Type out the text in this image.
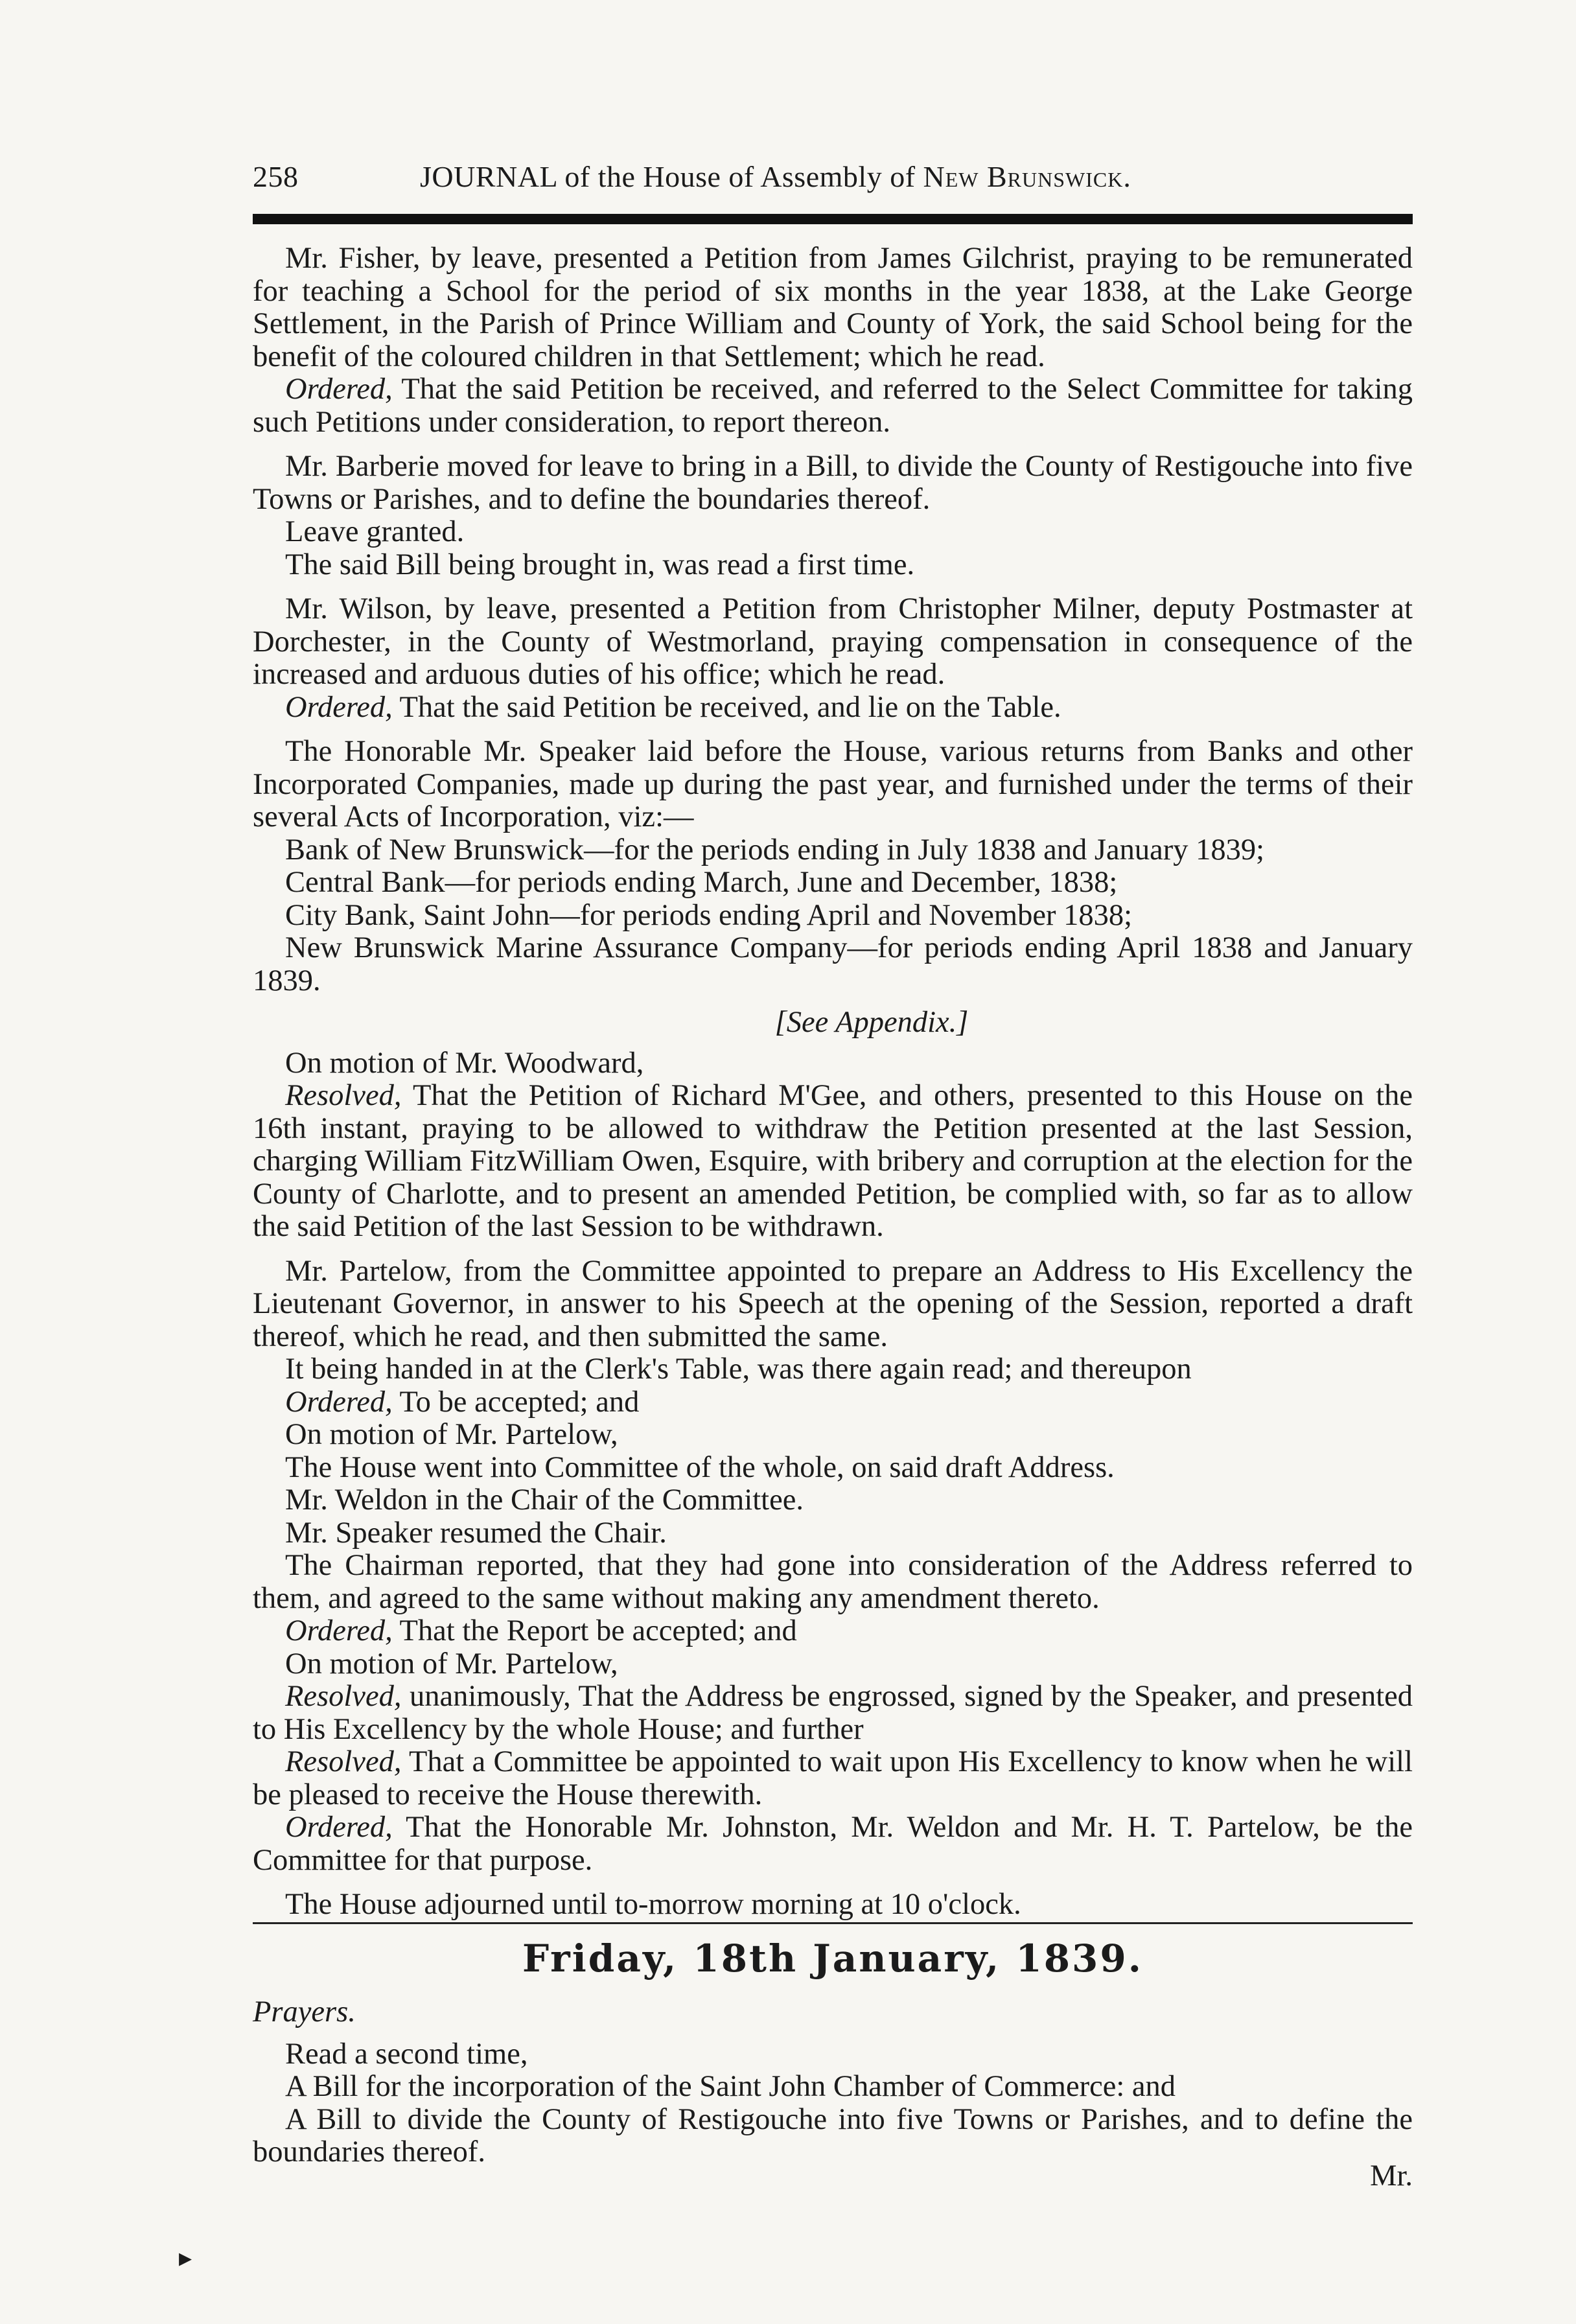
258	JOURNAL of the House of Assembly of New Brunswick.

Mr. Fisher, by leave, presented a Petition from James Gilchrist, praying to be remunerated for teaching a School for the period of six months in the year 1838, at the Lake George Settlement, in the Parish of Prince William and County of York, the said School being for the benefit of the coloured children in that Settlement; which he read.

Ordered, That the said Petition be received, and referred to the Select Committee for taking such Petitions under consideration, to report thereon.

Mr. Barberie moved for leave to bring in a Bill, to divide the County of Restigouche into five Towns or Parishes, and to define the boundaries thereof.

Leave granted.

The said Bill being brought in, was read a first time.

Mr. Wilson, by leave, presented a Petition from Christopher Milner, deputy Postmaster at Dorchester, in the County of Westmorland, praying compensation in consequence of the increased and arduous duties of his office; which he read.

Ordered, That the said Petition be received, and lie on the Table.

The Honorable Mr. Speaker laid before the House, various returns from Banks and other Incorporated Companies, made up during the past year, and furnished under the terms of their several Acts of Incorporation, viz:—

Bank of New Brunswick—for the periods ending in July 1838 and January 1839;

Central Bank—for periods ending March, June and December, 1838;

City Bank, Saint John—for periods ending April and November 1838;

New Brunswick Marine Assurance Company—for periods ending April 1838 and January 1839.

[See Appendix.]

On motion of Mr. Woodward,

Resolved, That the Petition of Richard M'Gee, and others, presented to this House on the 16th instant, praying to be allowed to withdraw the Petition presented at the last Session, charging William FitzWilliam Owen, Esquire, with bribery and corruption at the election for the County of Charlotte, and to present an amended Petition, be complied with, so far as to allow the said Petition of the last Session to be withdrawn.

Mr. Partelow, from the Committee appointed to prepare an Address to His Excellency the Lieutenant Governor, in answer to his Speech at the opening of the Session, reported a draft thereof, which he read, and then submitted the same.

It being handed in at the Clerk's Table, was there again read; and thereupon

Ordered, To be accepted; and

On motion of Mr. Partelow,

The House went into Committee of the whole, on said draft Address.

Mr. Weldon in the Chair of the Committee.

Mr. Speaker resumed the Chair.

The Chairman reported, that they had gone into consideration of the Address referred to them, and agreed to the same without making any amendment thereto.

Ordered, That the Report be accepted; and

On motion of Mr. Partelow,

Resolved, unanimously, That the Address be engrossed, signed by the Speaker, and presented to His Excellency by the whole House; and further

Resolved, That a Committee be appointed to wait upon His Excellency to know when he will be pleased to receive the House therewith.

Ordered, That the Honorable Mr. Johnston, Mr. Weldon and Mr. H. T. Partelow, be the Committee for that purpose.

The House adjourned until to-morrow morning at 10 o'clock.

Friday, 18th January, 1839.

Prayers.

Read a second time,

A Bill for the incorporation of the Saint John Chamber of Commerce: and

A Bill to divide the County of Restigouche into five Towns or Parishes, and to define the boundaries thereof.

Mr.

▸
